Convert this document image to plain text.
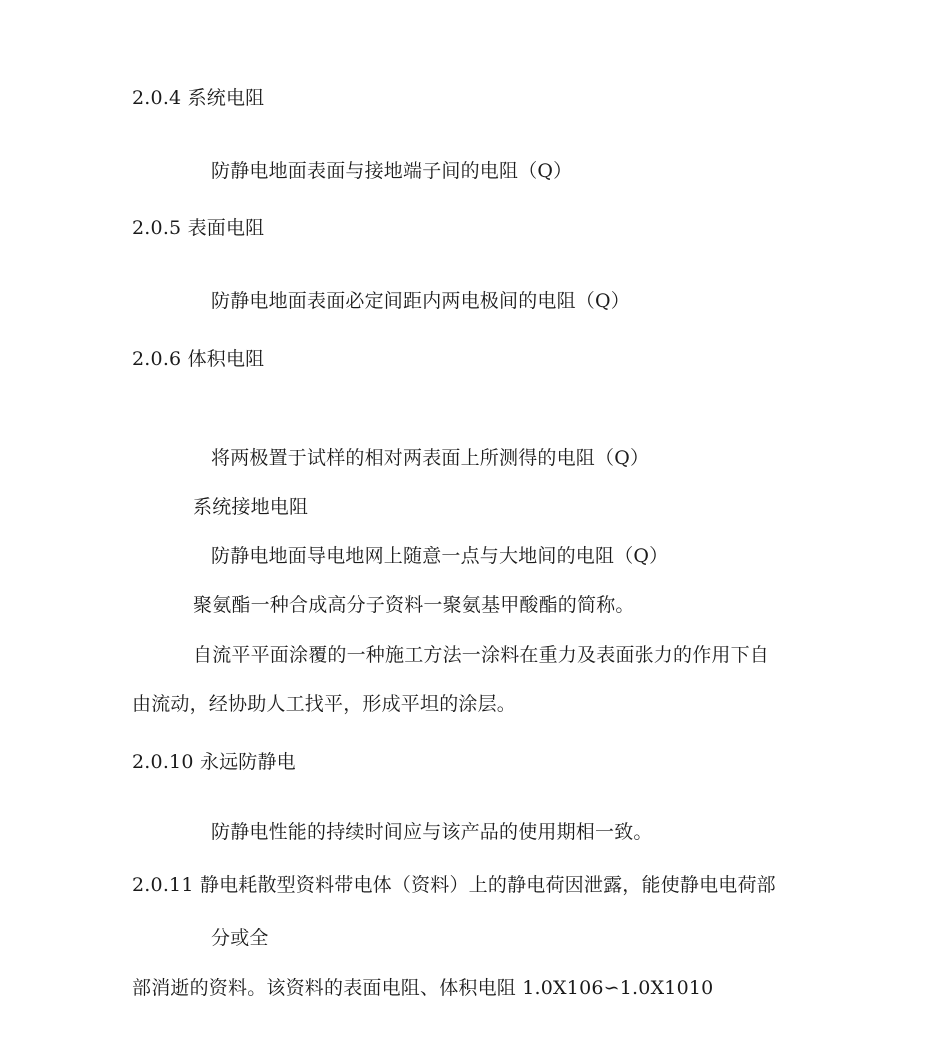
2.0.4 系统电阻
防静电地面表面与接地端子间的电阻（Q）
2.0.5 表面电阻
防静电地面表面必定间距内两电极间的电阻（Q）
2.0.6 体积电阻
将两极置于试样的相对两表面上所测得的电阻（Q）
系统接地电阻
防静电地面导电地网上随意一点与大地间的电阻（Q）
聚氨酯一种合成高分子资料一聚氨基甲酸酯的简称。
自流平平面涂覆的一种施工方法一涂料在重力及表面张力的作用下自
由流动，经协助人工找平，形成平坦的涂层。
2.0.10 永远防静电
防静电性能的持续时间应与该产品的使用期相一致。
2.0.11 静电耗散型资料带电体（资料）上的静电荷因泄露，能使静电电荷部
分或全
部消逝的资料。该资料的表面电阻、体积电阻 1.0X106∽1.0X1010
